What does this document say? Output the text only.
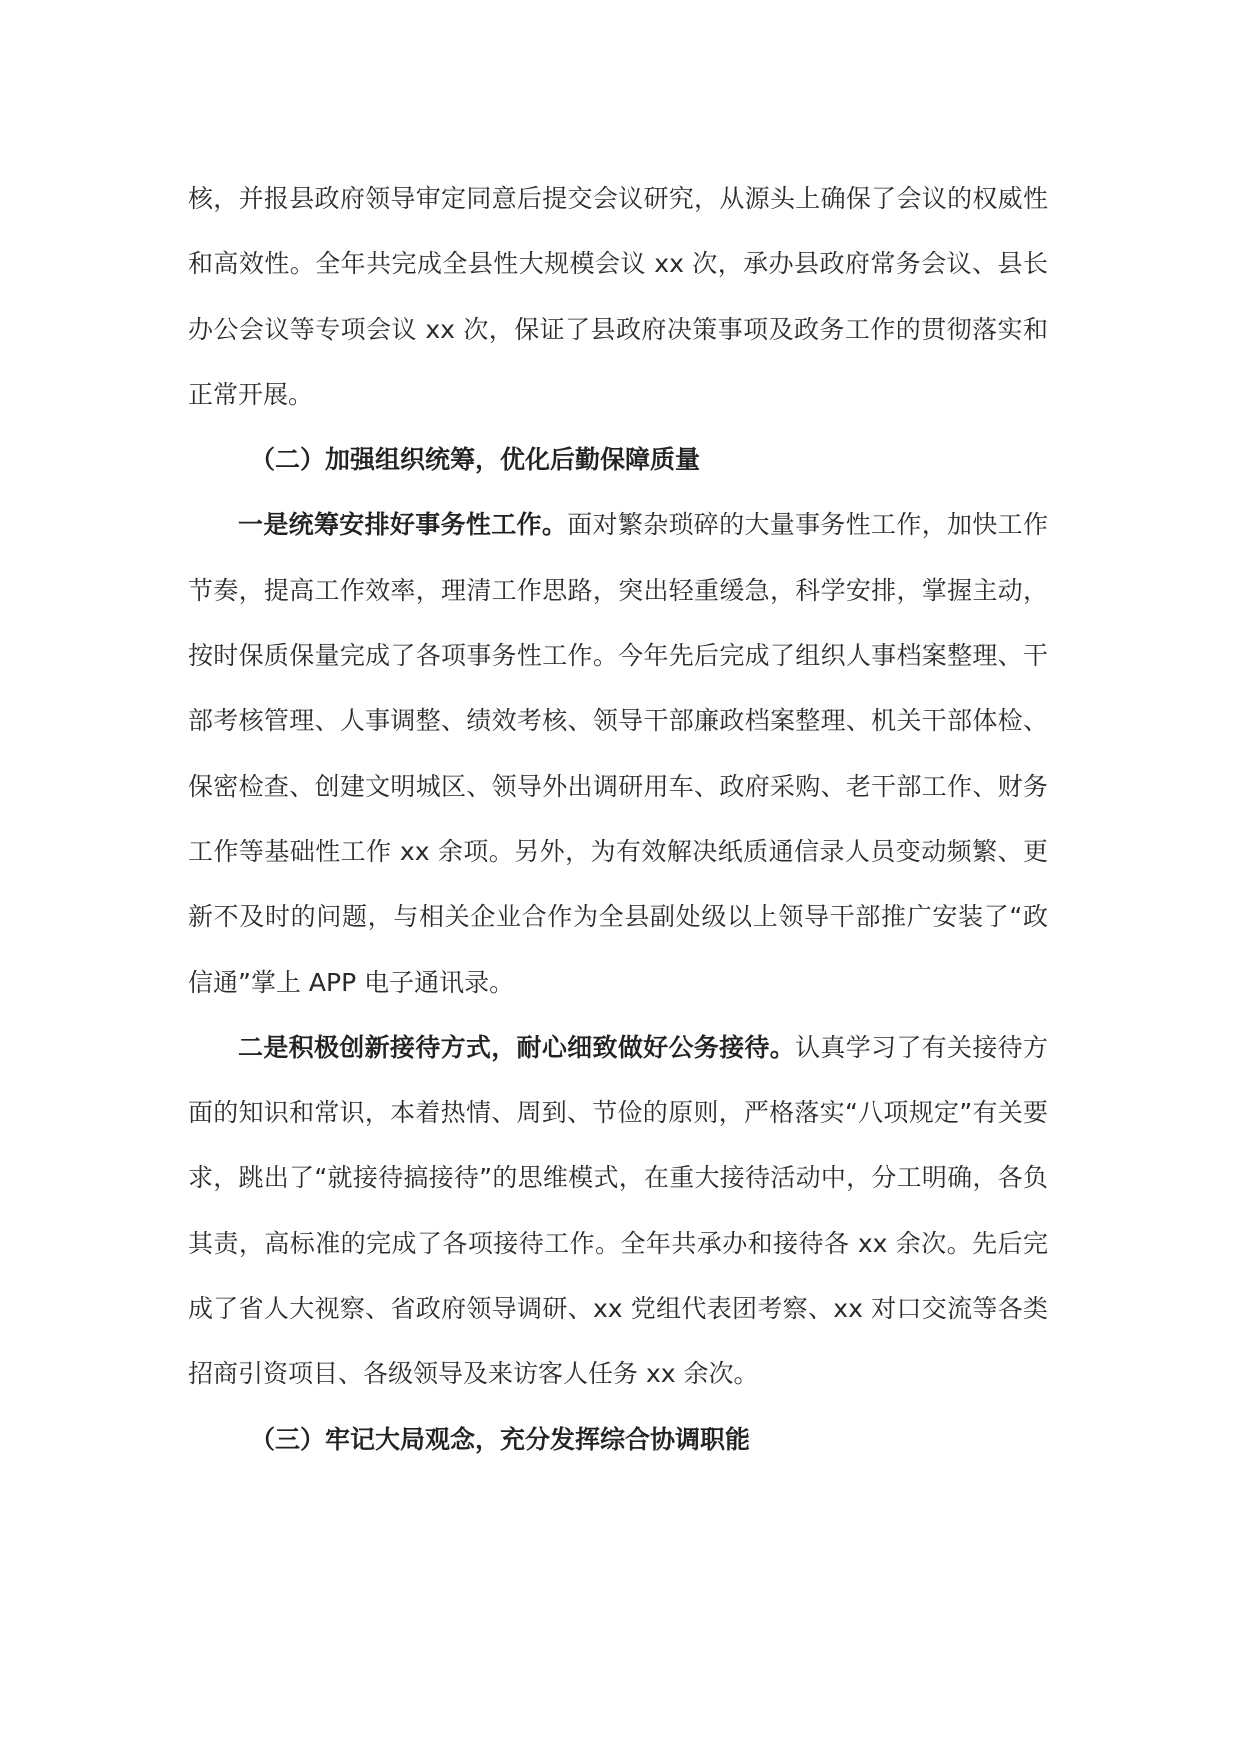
核，并报县政府领导审定同意后提交会议研究，从源头上确保了会议的权威性和高效性。全年共完成全县性大规模会议 xx 次，承办县政府常务会议、县长办公会议等专项会议 xx 次，保证了县政府决策事项及政务工作的贯彻落实和正常开展。

（二）加强组织统筹，优化后勤保障质量

一是统筹安排好事务性工作。面对繁杂琐碎的大量事务性工作，加快工作节奏，提高工作效率，理清工作思路，突出轻重缓急，科学安排，掌握主动，按时保质保量完成了各项事务性工作。今年先后完成了组织人事档案整理、干部考核管理、人事调整、绩效考核、领导干部廉政档案整理、机关干部体检、保密检查、创建文明城区、领导外出调研用车、政府采购、老干部工作、财务工作等基础性工作 xx 余项。另外，为有效解决纸质通信录人员变动频繁、更新不及时的问题，与相关企业合作为全县副处级以上领导干部推广安装了“政信通”掌上 APP 电子通讯录。

二是积极创新接待方式，耐心细致做好公务接待。认真学习了有关接待方面的知识和常识，本着热情、周到、节俭的原则，严格落实“八项规定”有关要求，跳出了“就接待搞接待”的思维模式，在重大接待活动中，分工明确，各负其责，高标准的完成了各项接待工作。全年共承办和接待各 xx 余次。先后完成了省人大视察、省政府领导调研、xx 党组代表团考察、xx 对口交流等各类招商引资项目、各级领导及来访客人任务 xx 余次。

（三）牢记大局观念，充分发挥综合协调职能
